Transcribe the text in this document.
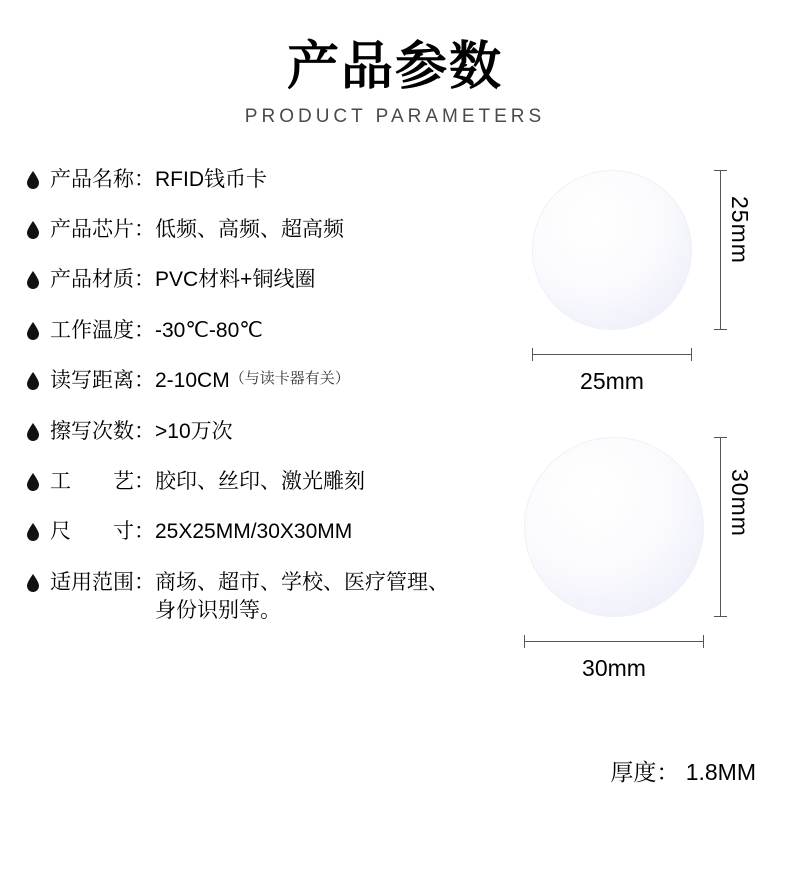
产品参数
PRODUCT PARAMETERS
产品名称： RFID钱币卡
产品芯片： 低频、高频、超高频
产品材质： PVC材料+铜线圈
工作温度： -30℃-80℃
读写距离： 2-10CM （与读卡器有关）
擦写次数： >10万次
工　　艺： 胶印、丝印、激光雕刻
尺　　寸： 25X25MM/30X30MM
适用范围： 商场、超市、学校、医疗管理、身份识别等。
25mm
25mm
30mm
30mm
厚度： 1.8MM
